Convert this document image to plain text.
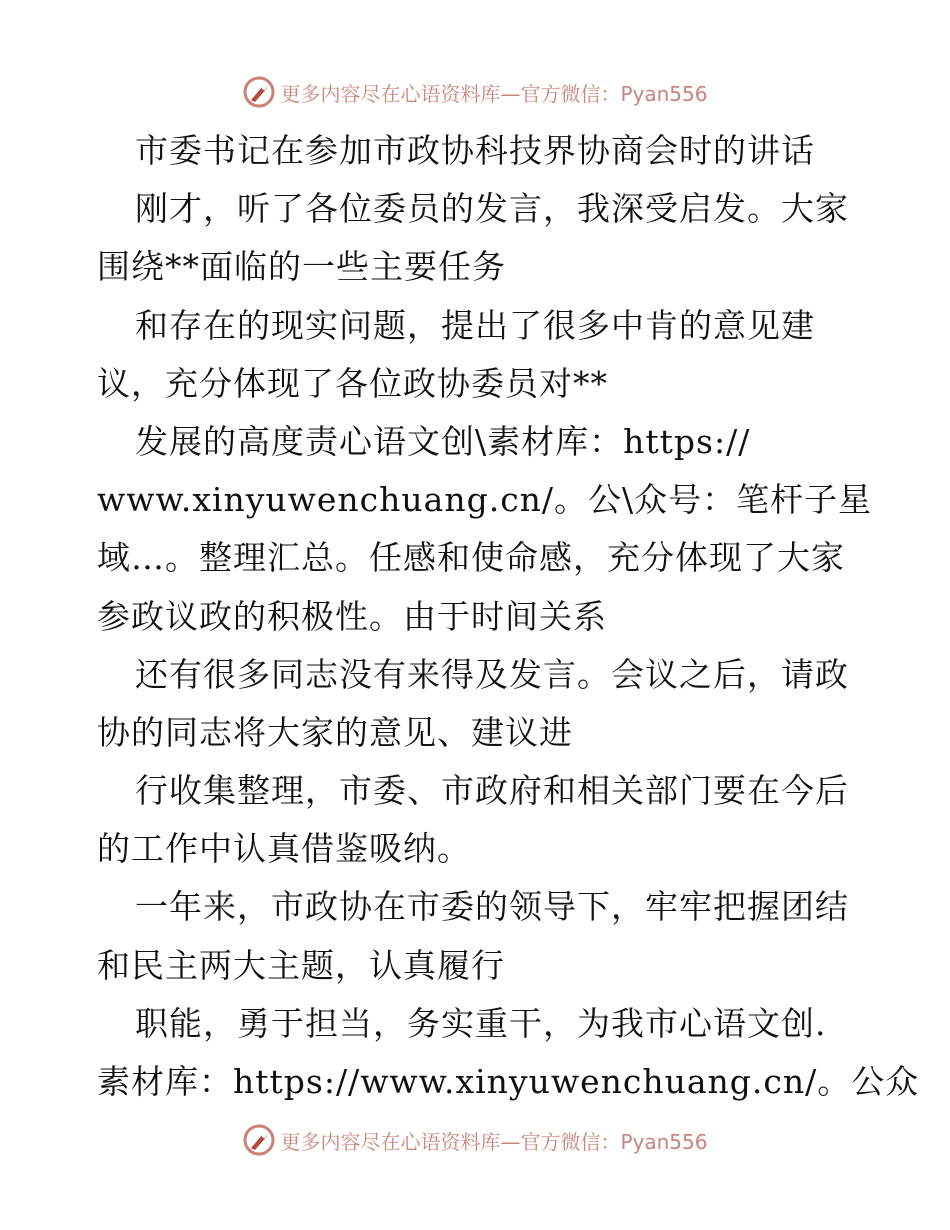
更多内容尽在心语资料库—官方微信：Pyan556
市委书记在参加市政协科技界协商会时的讲话
刚才，听了各位委员的发言，我深受启发。大家
围绕**面临的一些主要任务
和存在的现实问题，提出了很多中肯的意见建
议，充分体现了各位政协委员对**
发展的高度责心语文创\素材库：https://
www.xinyuwenchuang.cn/。公\众号：笔杆子星
域…。整理汇总。任感和使命感，充分体现了大家
参政议政的积极性。由于时间关系
还有很多同志没有来得及发言。会议之后，请政
协的同志将大家的意见、建议进
行收集整理，市委、市政府和相关部门要在今后
的工作中认真借鉴吸纳。
一年来，市政协在市委的领导下，牢牢把握团结
和民主两大主题，认真履行
职能，勇于担当，务实重干，为我市心语文创.
素材库：https://www.xinyuwenchuang.cn/。公众
更多内容尽在心语资料库—官方微信：Pyan556
